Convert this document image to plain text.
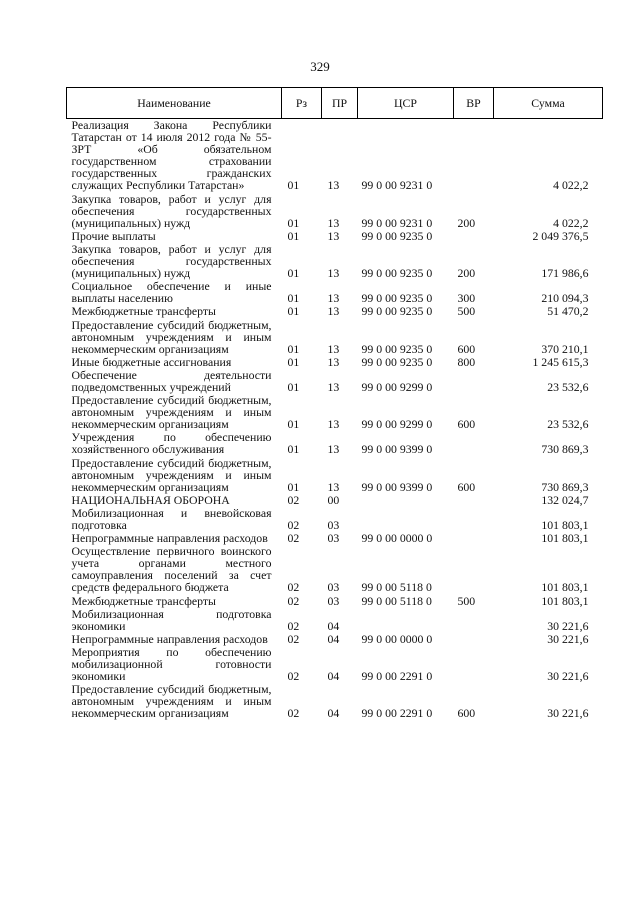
329
Наименование	Рз	ПР	ЦСР	ВР	Сумма
Реализация Закона Республики Татарстан от 14 июля 2012 года № 55-ЗРТ «Об обязательном государственном страховании государственных гражданских служащих Республики Татарстан»	01	13	99 0 00 9231 0		4 022,2
Закупка товаров, работ и услуг для обеспечения государственных (муниципальных) нужд	01	13	99 0 00 9231 0	200	4 022,2
Прочие выплаты	01	13	99 0 00 9235 0		2 049 376,5
Закупка товаров, работ и услуг для обеспечения государственных (муниципальных) нужд	01	13	99 0 00 9235 0	200	171 986,6
Социальное обеспечение и иные выплаты населению	01	13	99 0 00 9235 0	300	210 094,3
Межбюджетные трансферты	01	13	99 0 00 9235 0	500	51 470,2
Предоставление субсидий бюджетным, автономным учреждениям и иным некоммерческим организациям	01	13	99 0 00 9235 0	600	370 210,1
Иные бюджетные ассигнования	01	13	99 0 00 9235 0	800	1 245 615,3
Обеспечение деятельности подведомственных учреждений	01	13	99 0 00 9299 0		23 532,6
Предоставление субсидий бюджетным, автономным учреждениям и иным некоммерческим организациям	01	13	99 0 00 9299 0	600	23 532,6
Учреждения по обеспечению хозяйственного обслуживания	01	13	99 0 00 9399 0		730 869,3
Предоставление субсидий бюджетным, автономным учреждениям и иным некоммерческим организациям	01	13	99 0 00 9399 0	600	730 869,3
НАЦИОНАЛЬНАЯ ОБОРОНА	02	00			132 024,7
Мобилизационная и вневойсковая подготовка	02	03			101 803,1
Непрограммные направления расходов	02	03	99 0 00 0000 0		101 803,1
Осуществление первичного воинского учета органами местного самоуправления поселений за счет средств федерального бюджета	02	03	99 0 00 5118 0		101 803,1
Межбюджетные трансферты	02	03	99 0 00 5118 0	500	101 803,1
Мобилизационная подготовка экономики	02	04			30 221,6
Непрограммные направления расходов	02	04	99 0 00 0000 0		30 221,6
Мероприятия по обеспечению мобилизационной готовности экономики	02	04	99 0 00 2291 0		30 221,6
Предоставление субсидий бюджетным, автономным учреждениям и иным некоммерческим организациям	02	04	99 0 00 2291 0	600	30 221,6
